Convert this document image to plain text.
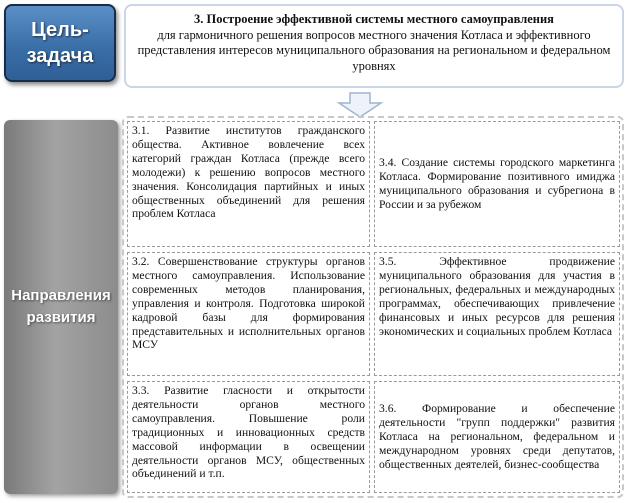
Цель-
задача
3. Построение эффективной системы местного самоуправления
для гармоничного решения вопросов местного значения Котласа и эффективного представления интересов муниципального образования на региональном и федеральном уровнях
Направления
развития
3.1. Развитие институтов гражданского общества. Активное вовлечение всех категорий граждан Котласа (прежде всего молодежи) к решению вопросов местного значения. Консолидация партийных и иных общественных объединений для решения проблем Котласа
3.4. Создание системы городского маркетинга Котласа. Формирование позитивного имиджа муниципального образования и субрегиона в России и за рубежом
3.2. Совершенствование структуры органов местного самоуправления. Использование современных методов планирования, управления и контроля. Подготовка широкой кадровой базы для формирования представительных и исполнительных органов МСУ
3.5. Эффективное продвижение муниципального образования для участия в региональных, федеральных и международных программах, обеспечивающих привлечение финансовых и иных ресурсов для решения экономических и социальных проблем Котласа
3.3. Развитие гласности и открытости деятельности органов местного самоуправления. Повышение роли традиционных и инновационных средств массовой информации в освещении деятельности органов МСУ, общественных объединений и т.п.
3.6. Формирование и обеспечение деятельности "групп поддержки" развития Котласа на региональном, федеральном и международном уровнях среди депутатов, общественных деятелей, бизнес-сообщества
